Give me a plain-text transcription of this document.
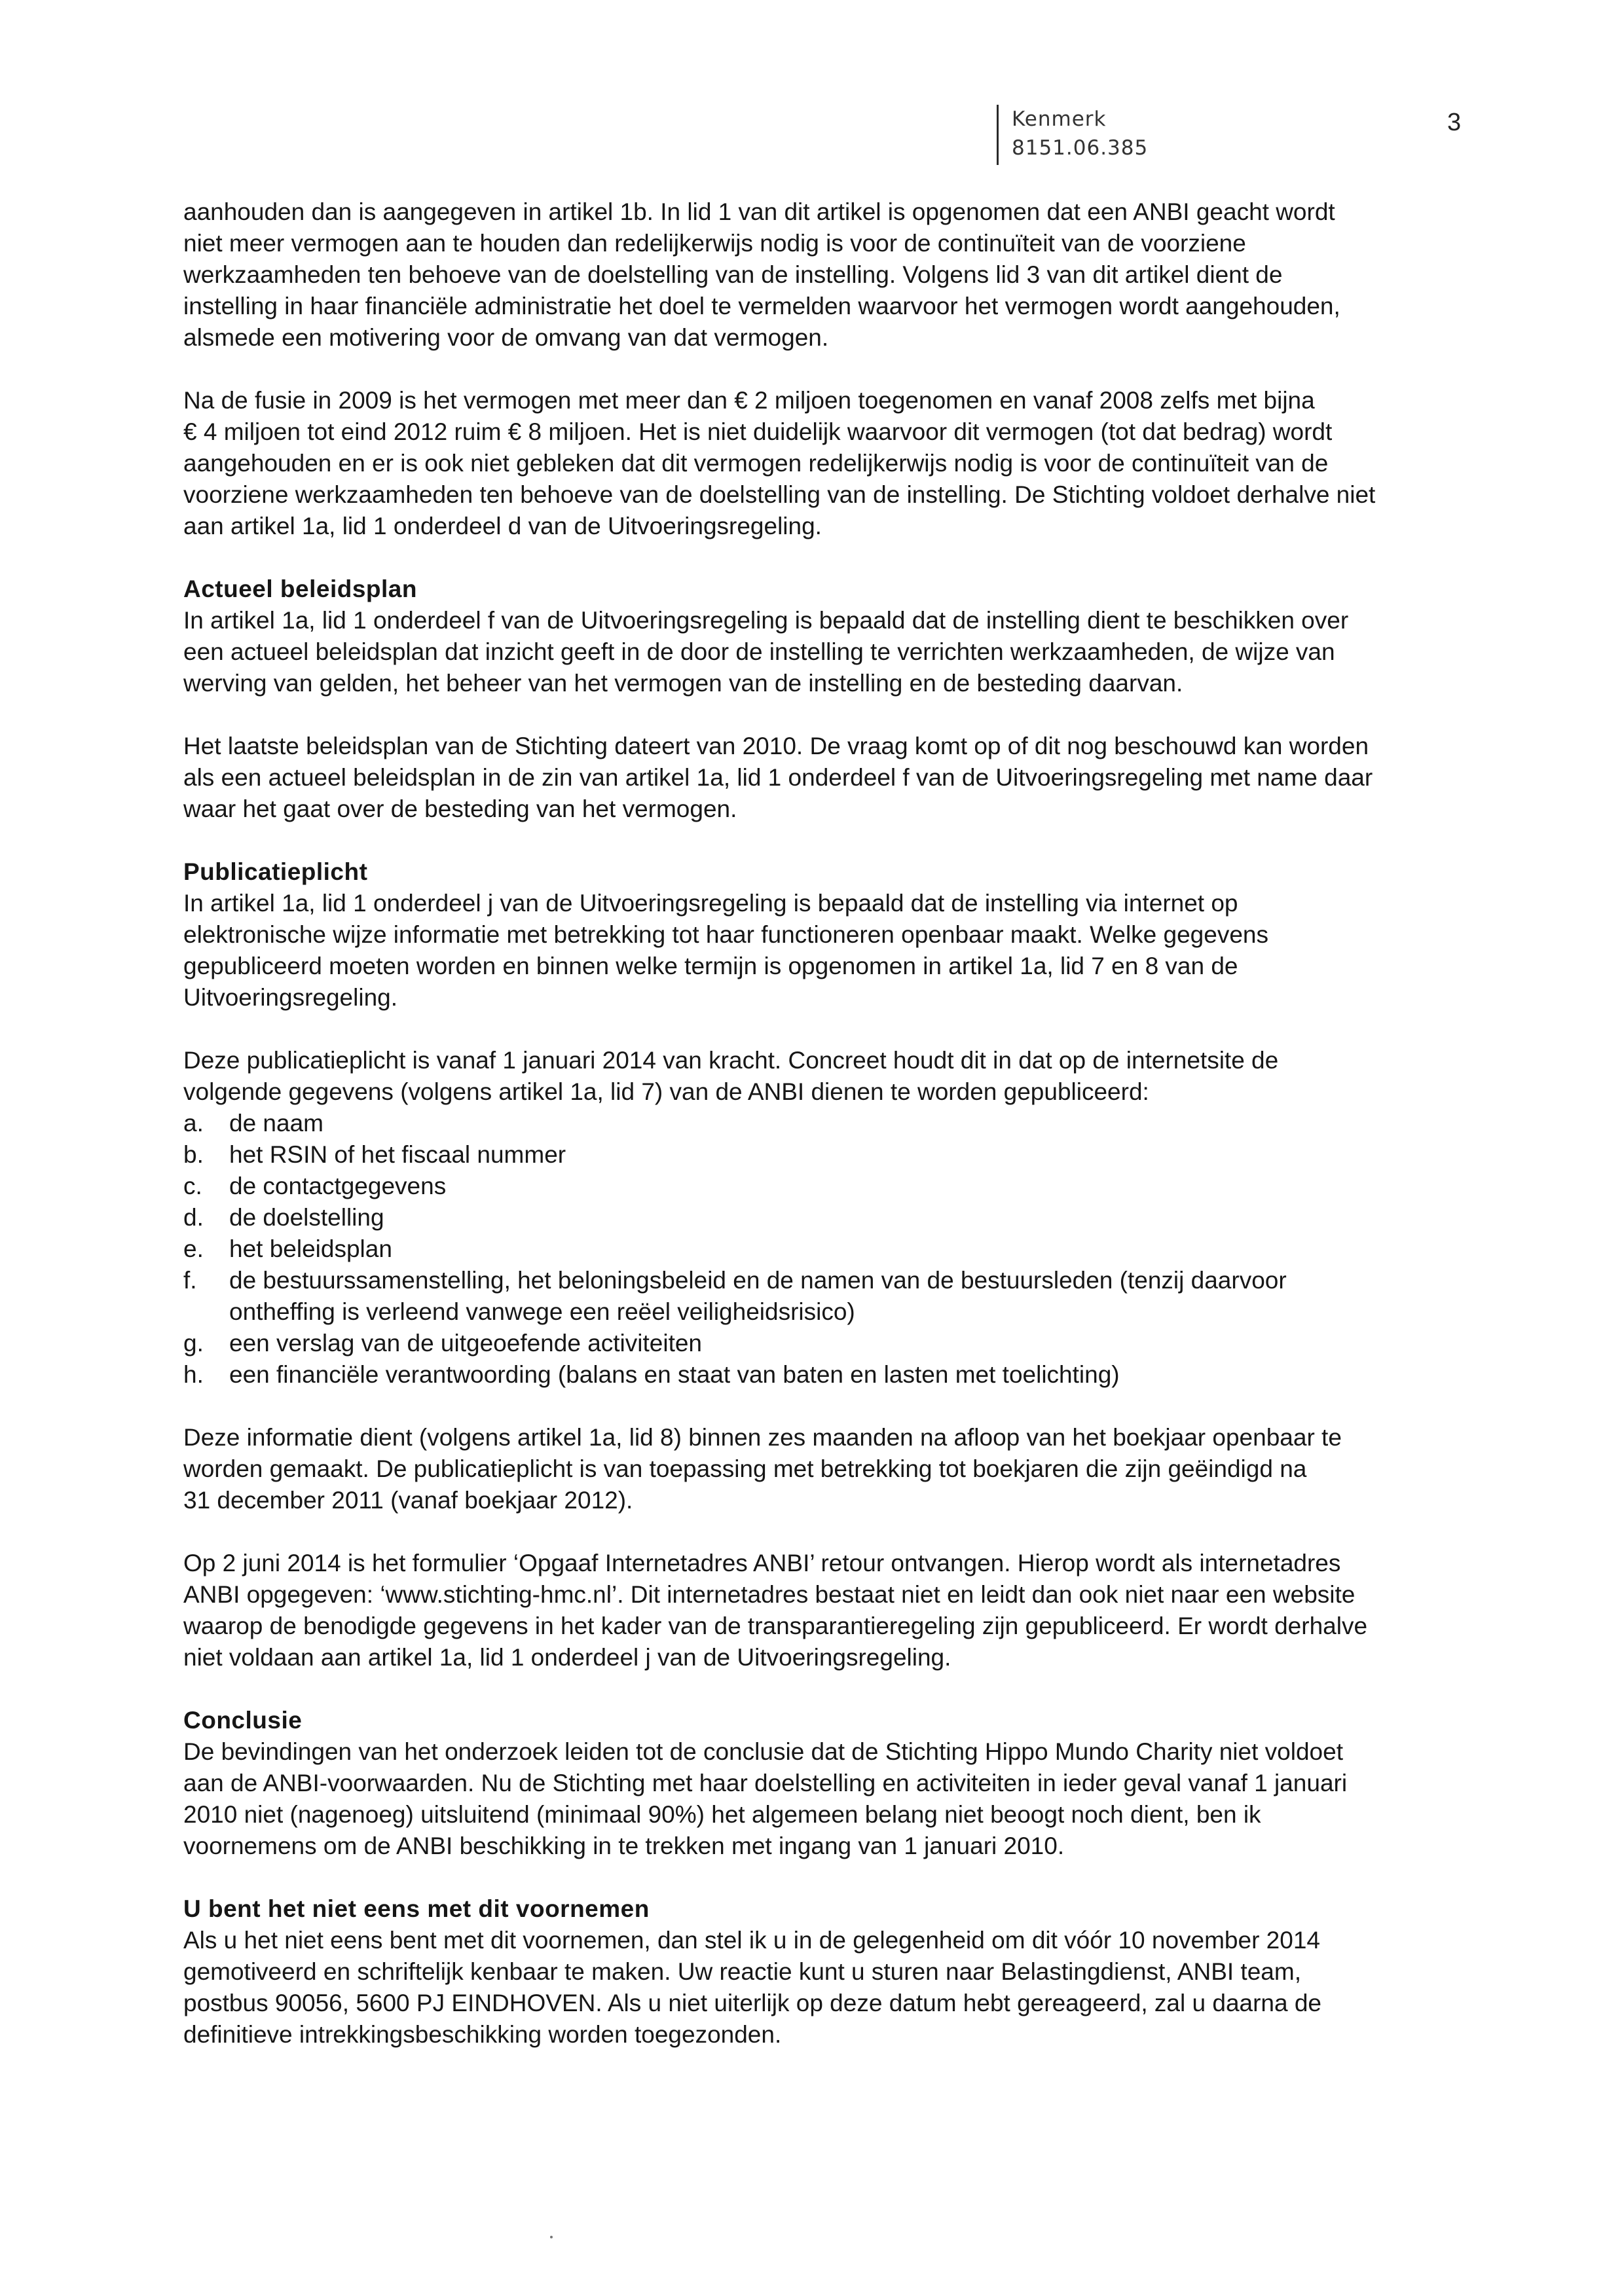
Kenmerk
8151.06.385
3

aanhouden dan is aangegeven in artikel 1b. In lid 1 van dit artikel is opgenomen dat een ANBI geacht wordt
niet meer vermogen aan te houden dan redelijkerwijs nodig is voor de continuïteit van de voorziene
werkzaamheden ten behoeve van de doelstelling van de instelling. Volgens lid 3 van dit artikel dient de
instelling in haar financiële administratie het doel te vermelden waarvoor het vermogen wordt aangehouden,
alsmede een motivering voor de omvang van dat vermogen.

Na de fusie in 2009 is het vermogen met meer dan € 2 miljoen toegenomen en vanaf 2008 zelfs met bijna
€ 4 miljoen tot eind 2012 ruim € 8 miljoen. Het is niet duidelijk waarvoor dit vermogen (tot dat bedrag) wordt
aangehouden en er is ook niet gebleken dat dit vermogen redelijkerwijs nodig is voor de continuïteit van de
voorziene werkzaamheden ten behoeve van de doelstelling van de instelling. De Stichting voldoet derhalve niet
aan artikel 1a, lid 1 onderdeel d van de Uitvoeringsregeling.

Actueel beleidsplan

In artikel 1a, lid 1 onderdeel f van de Uitvoeringsregeling is bepaald dat de instelling dient te beschikken over
een actueel beleidsplan dat inzicht geeft in de door de instelling te verrichten werkzaamheden, de wijze van
werving van gelden, het beheer van het vermogen van de instelling en de besteding daarvan.

Het laatste beleidsplan van de Stichting dateert van 2010. De vraag komt op of dit nog beschouwd kan worden
als een actueel beleidsplan in de zin van artikel 1a, lid 1 onderdeel f van de Uitvoeringsregeling met name daar
waar het gaat over de besteding van het vermogen.

Publicatieplicht

In artikel 1a, lid 1 onderdeel j van de Uitvoeringsregeling is bepaald dat de instelling via internet op
elektronische wijze informatie met betrekking tot haar functioneren openbaar maakt. Welke gegevens
gepubliceerd moeten worden en binnen welke termijn is opgenomen in artikel 1a, lid 7 en 8 van de
Uitvoeringsregeling.

Deze publicatieplicht is vanaf 1 januari 2014 van kracht. Concreet houdt dit in dat op de internetsite de
volgende gegevens (volgens artikel 1a, lid 7) van de ANBI dienen te worden gepubliceerd:

a. de naam
b. het RSIN of het fiscaal nummer
c. de contactgegevens
d. de doelstelling
e. het beleidsplan
f. de bestuurssamenstelling, het beloningsbeleid en de namen van de bestuursleden (tenzij daarvoor
ontheffing is verleend vanwege een reëel veiligheidsrisico)
g. een verslag van de uitgeoefende activiteiten
h. een financiële verantwoording (balans en staat van baten en lasten met toelichting)

Deze informatie dient (volgens artikel 1a, lid 8) binnen zes maanden na afloop van het boekjaar openbaar te
worden gemaakt. De publicatieplicht is van toepassing met betrekking tot boekjaren die zijn geëindigd na
31 december 2011 (vanaf boekjaar 2012).

Op 2 juni 2014 is het formulier ‘Opgaaf Internetadres ANBI’ retour ontvangen. Hierop wordt als internetadres
ANBI opgegeven: ‘www.stichting-hmc.nl’. Dit internetadres bestaat niet en leidt dan ook niet naar een website
waarop de benodigde gegevens in het kader van de transparantieregeling zijn gepubliceerd. Er wordt derhalve
niet voldaan aan artikel 1a, lid 1 onderdeel j van de Uitvoeringsregeling.

Conclusie

De bevindingen van het onderzoek leiden tot de conclusie dat de Stichting Hippo Mundo Charity niet voldoet
aan de ANBI-voorwaarden. Nu de Stichting met haar doelstelling en activiteiten in ieder geval vanaf 1 januari
2010 niet (nagenoeg) uitsluitend (minimaal 90%) het algemeen belang niet beoogt noch dient, ben ik
voornemens om de ANBI beschikking in te trekken met ingang van 1 januari 2010.

U bent het niet eens met dit voornemen

Als u het niet eens bent met dit voornemen, dan stel ik u in de gelegenheid om dit vóór 10 november 2014
gemotiveerd en schriftelijk kenbaar te maken. Uw reactie kunt u sturen naar Belastingdienst, ANBI team,
postbus 90056, 5600 PJ EINDHOVEN. Als u niet uiterlijk op deze datum hebt gereageerd, zal u daarna de
definitieve intrekkingsbeschikking worden toegezonden.
